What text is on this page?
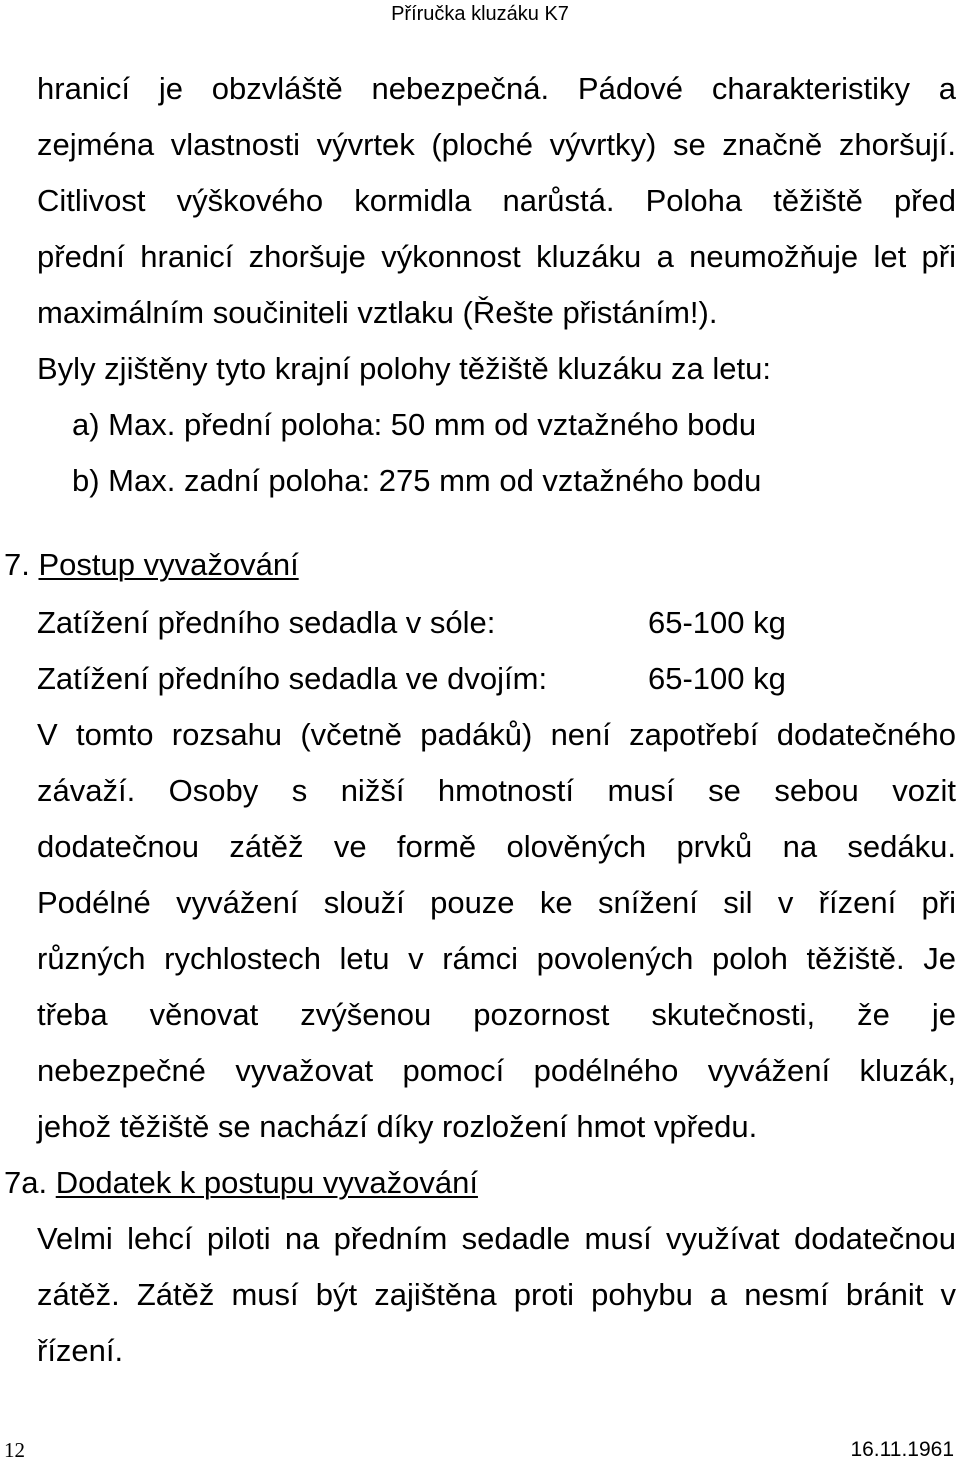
Příručka kluzáku K7
hranicí je obzvláště nebezpečná. Pádové charakteristiky a
zejména vlastnosti vývrtek (ploché vývrtky) se značně zhoršují.
Citlivost výškového kormidla narůstá. Poloha těžiště před
přední hranicí zhoršuje výkonnost kluzáku a neumožňuje let při
maximálním součiniteli vztlaku (Řešte přistáním!).
Byly zjištěny tyto krajní polohy těžiště kluzáku za letu:
a) Max. přední poloha: 50 mm od vztažného bodu
b) Max. zadní poloha: 275 mm od vztažného bodu
7. Postup vyvažování
Zatížení předního sedadla v sóle:	65-100 kg
Zatížení předního sedadla ve dvojím:	65-100 kg
V tomto rozsahu (včetně padáků) není zapotřebí dodatečného
závaží. Osoby s nižší hmotností musí se sebou vozit
dodatečnou zátěž ve formě olověných prvků na sedáku.
Podélné vyvážení slouží pouze ke snížení sil v řízení při
různých rychlostech letu v rámci povolených poloh těžiště. Je
třeba věnovat zvýšenou pozornost skutečnosti, že je
nebezpečné vyvažovat pomocí podélného vyvážení kluzák,
jehož těžiště se nachází díky rozložení hmot vpředu.
7a. Dodatek k postupu vyvažování
Velmi lehcí piloti na předním sedadle musí využívat dodatečnou
zátěž. Zátěž musí být zajištěna proti pohybu a nesmí bránit v
řízení.
12	16.11.1961
